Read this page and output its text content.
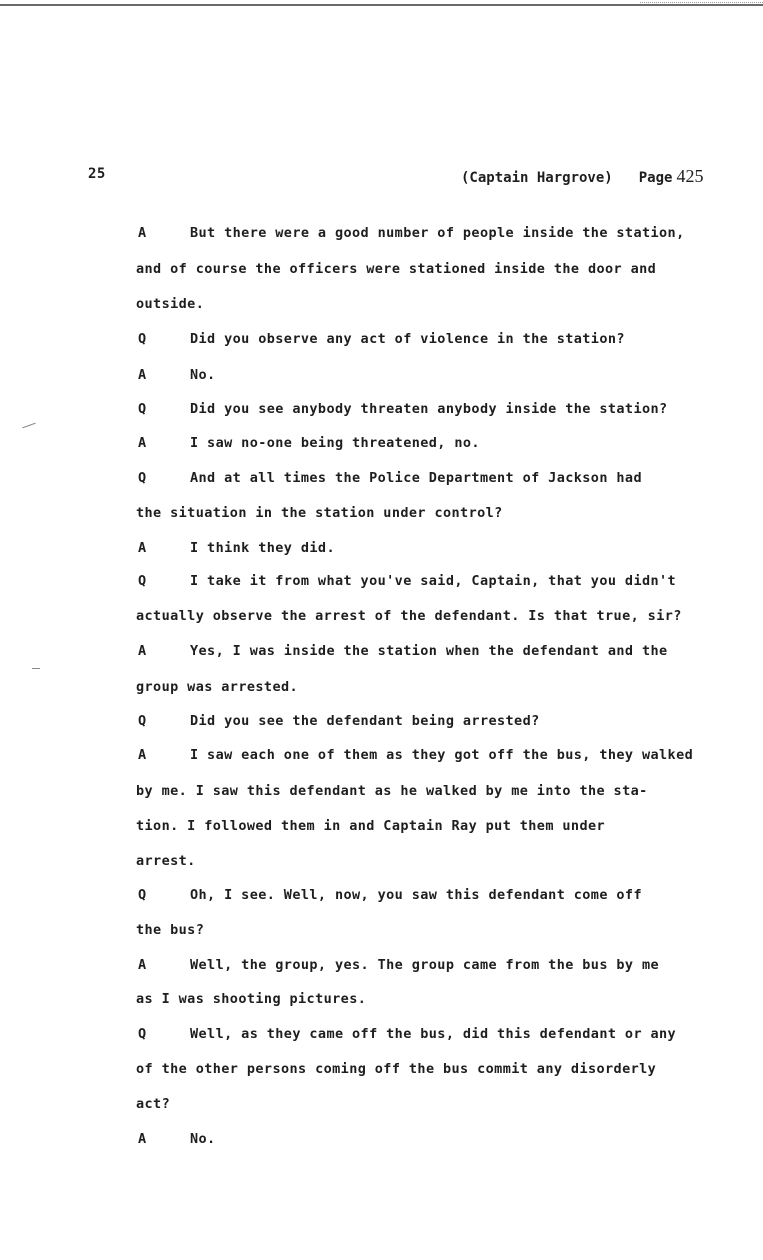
25	(Captain Hargrove) Page 425
A	But there were a good number of people inside the station,
and of course the officers were stationed inside the door and
outside.
Q	Did you observe any act of violence in the station?
A	No.
Q	Did you see anybody threaten anybody inside the station?
A	I saw no-one being threatened, no.
Q	And at all times the Police Department of Jackson had
the situation in the station under control?
A	I think they did.
Q	I take it from what you've said, Captain, that you didn't
actually observe the arrest of the defendant. Is that true, sir?
A	Yes, I was inside the station when the defendant and the
group was arrested.
Q	Did you see the defendant being arrested?
A	I saw each one of them as they got off the bus, they walked
by me. I saw this defendant as he walked by me into the sta-
tion. I followed them in and Captain Ray put them under
arrest.
Q	Oh, I see. Well, now, you saw this defendant come off
the bus?
A	Well, the group, yes. The group came from the bus by me
as I was shooting pictures.
Q	Well, as they came off the bus, did this defendant or any
of the other persons coming off the bus commit any disorderly
act?
A	No.
